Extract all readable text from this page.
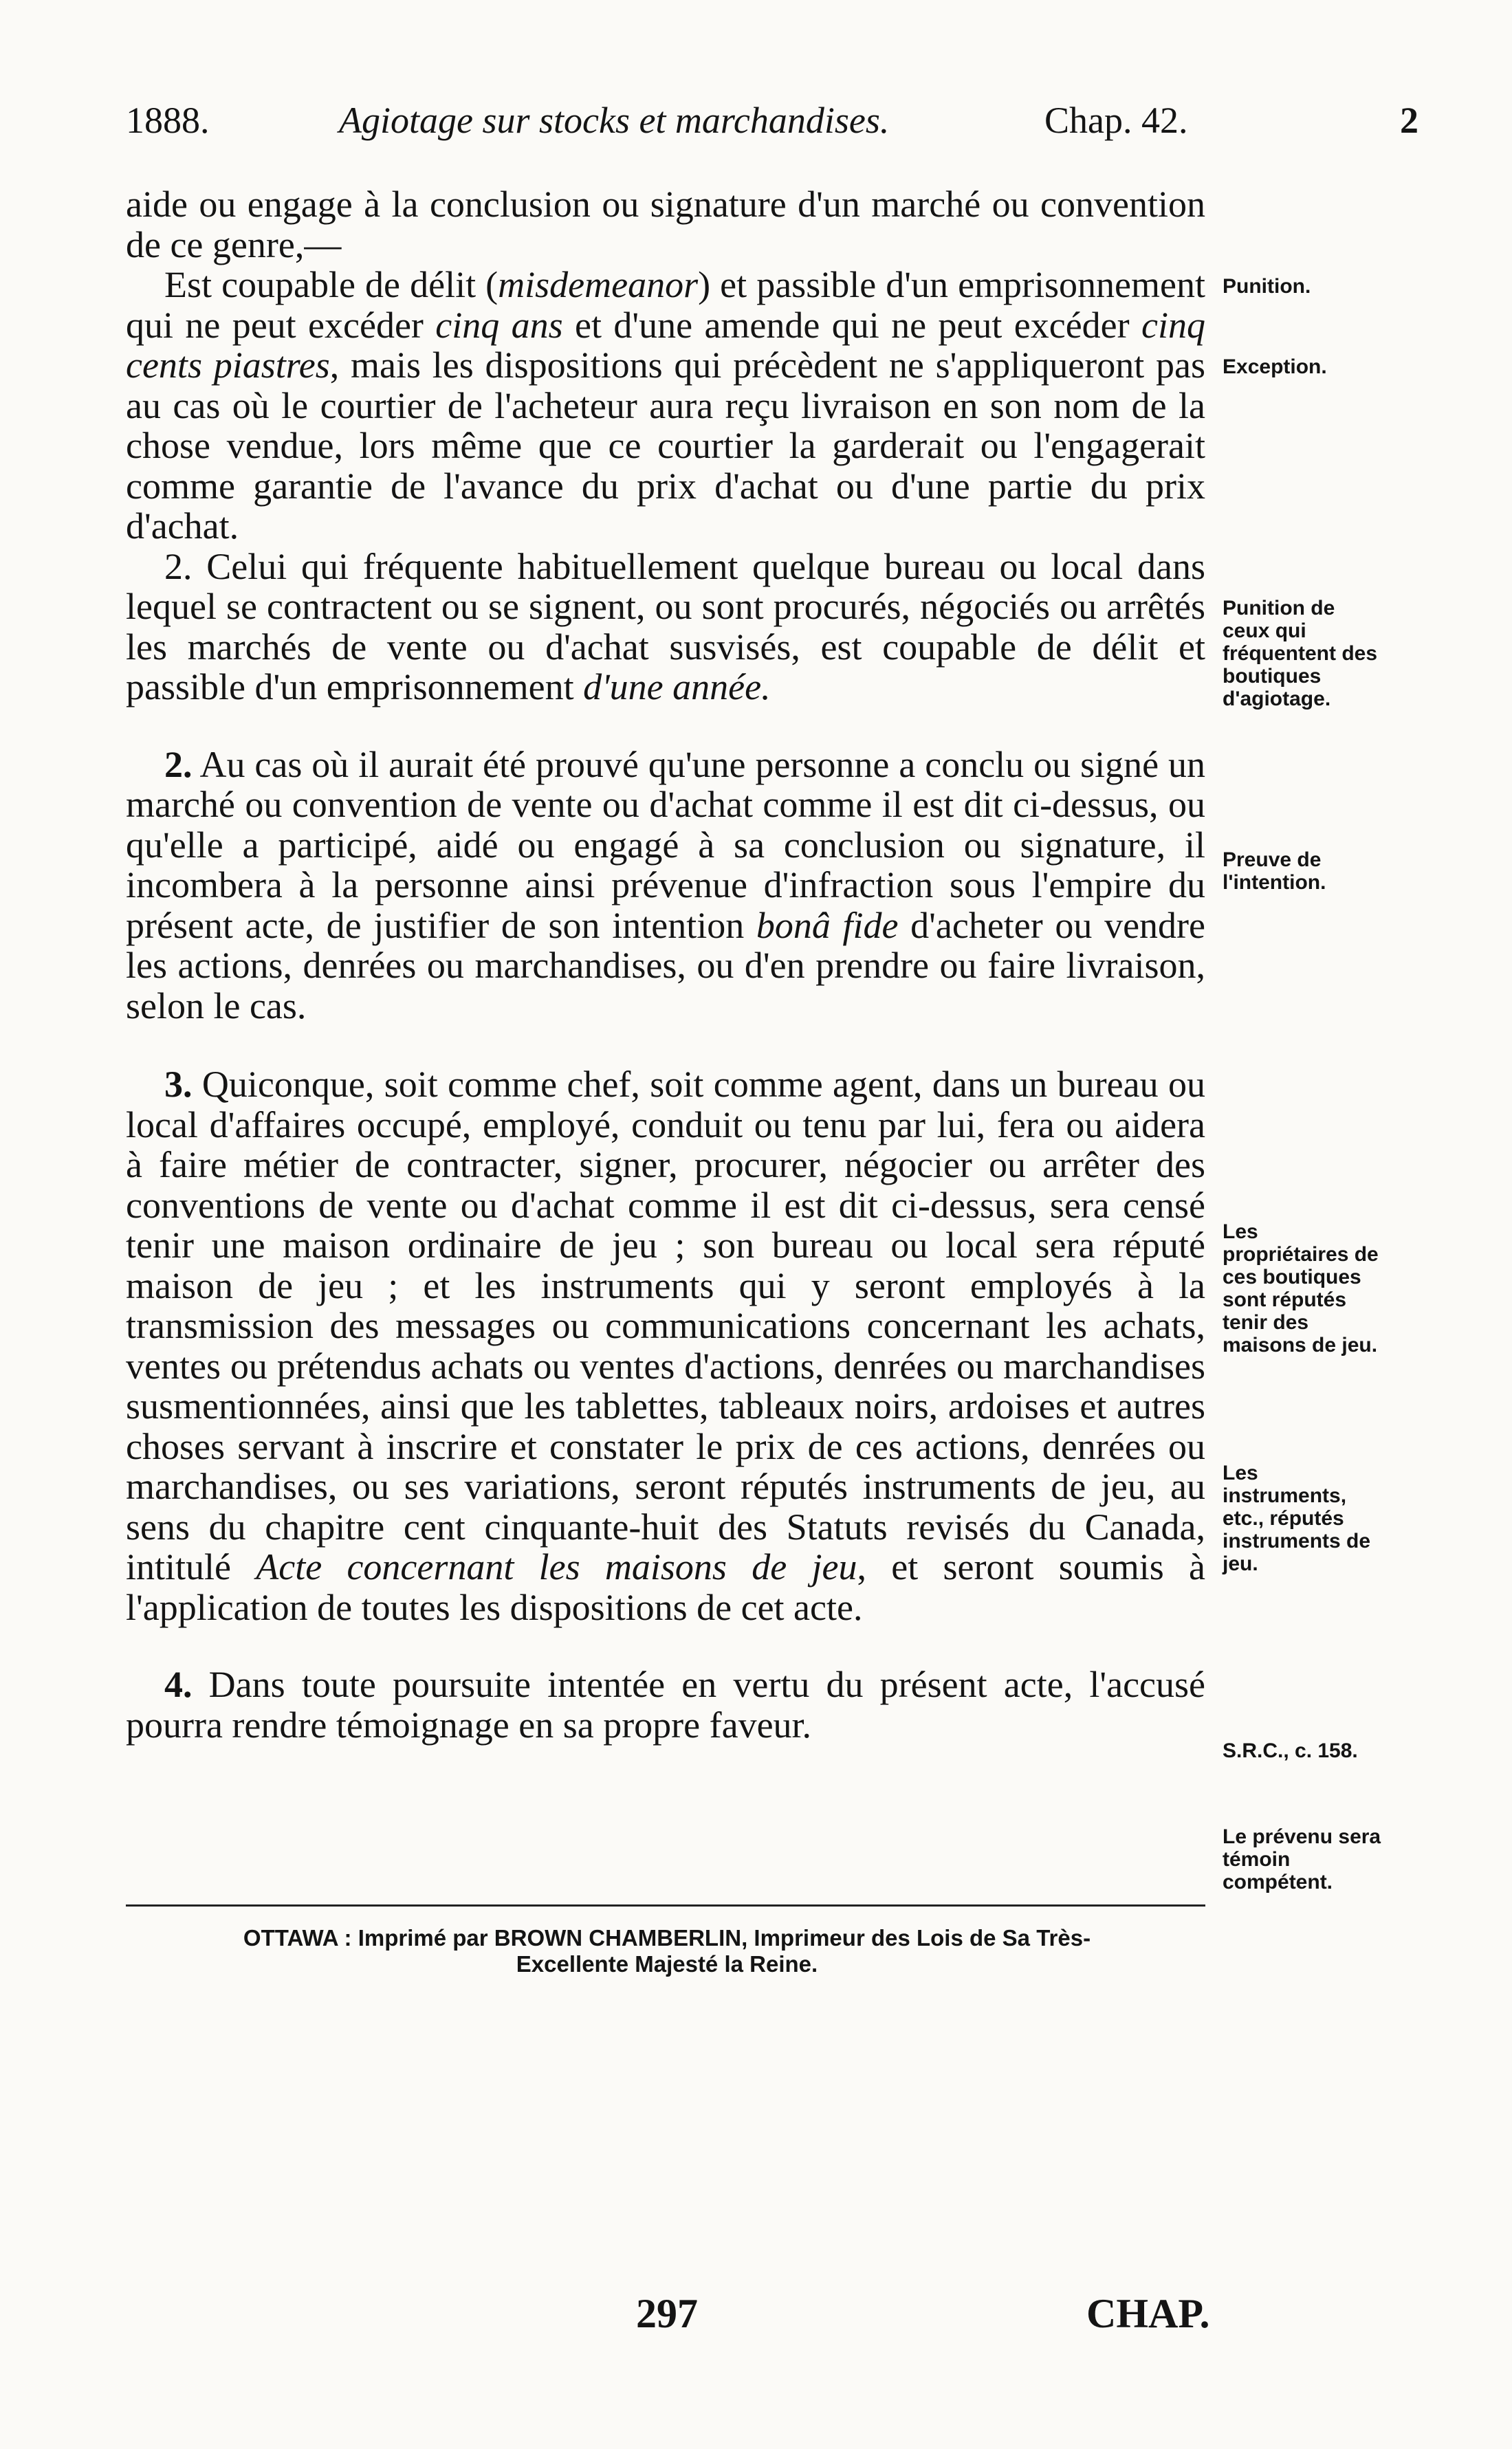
1888.	Agiotage sur stocks et marchandises.	Chap. 42.	2

aide ou engage à la conclusion ou signature d'un marché ou convention de ce genre,—

Est coupable de délit (misdemeanor) et passible d'un emprisonnement qui ne peut excéder cinq ans et d'une amende qui ne peut excéder cinq cents piastres, mais les dispositions qui précèdent ne s'appliqueront pas au cas où le courtier de l'acheteur aura reçu livraison en son nom de la chose vendue, lors même que ce courtier la garderait ou l'engagerait comme garantie de l'avance du prix d'achat ou d'une partie du prix d'achat.

2. Celui qui fréquente habituellement quelque bureau ou local dans lequel se contractent ou se signent, ou sont procurés, négociés ou arrêtés les marchés de vente ou d'achat susvisés, est coupable de délit et passible d'un emprisonnement d'une année.

2. Au cas où il aurait été prouvé qu'une personne a conclu ou signé un marché ou convention de vente ou d'achat comme il est dit ci-dessus, ou qu'elle a participé, aidé ou engagé à sa conclusion ou signature, il incombera à la personne ainsi prévenue d'infraction sous l'empire du présent acte, de justifier de son intention bonâ fide d'acheter ou vendre les actions, denrées ou marchandises, ou d'en prendre ou faire livraison, selon le cas.

3. Quiconque, soit comme chef, soit comme agent, dans un bureau ou local d'affaires occupé, employé, conduit ou tenu par lui, fera ou aidera à faire métier de contracter, signer, procurer, négocier ou arrêter des conventions de vente ou d'achat comme il est dit ci-dessus, sera censé tenir une maison ordinaire de jeu ; son bureau ou local sera réputé maison de jeu ; et les instruments qui y seront employés à la transmission des messages ou communications concernant les achats, ventes ou prétendus achats ou ventes d'actions, denrées ou marchandises susmentionnées, ainsi que les tablettes, tableaux noirs, ardoises et autres choses servant à inscrire et constater le prix de ces actions, denrées ou marchandises, ou ses variations, seront réputés instruments de jeu, au sens du chapitre cent cinquante-huit des Statuts revisés du Canada, intitulé Acte concernant les maisons de jeu, et seront soumis à l'application de toutes les dispositions de cet acte.

4. Dans toute poursuite intentée en vertu du présent acte, l'accusé pourra rendre témoignage en sa propre faveur.

Punition.
Exception.
Punition de ceux qui fréquentent des boutiques d'agiotage.
Preuve de l'intention.
Les propriétaires de ces boutiques sont réputés tenir des maisons de jeu.
Les instruments, etc., réputés instruments de jeu.
S.R.C., c. 158.
Le prévenu sera témoin compétent.
OTTAWA : Imprimé par BROWN CHAMBERLIN, Imprimeur des Lois de Sa Très-
Excellente Majesté la Reine.
297	CHAP.
